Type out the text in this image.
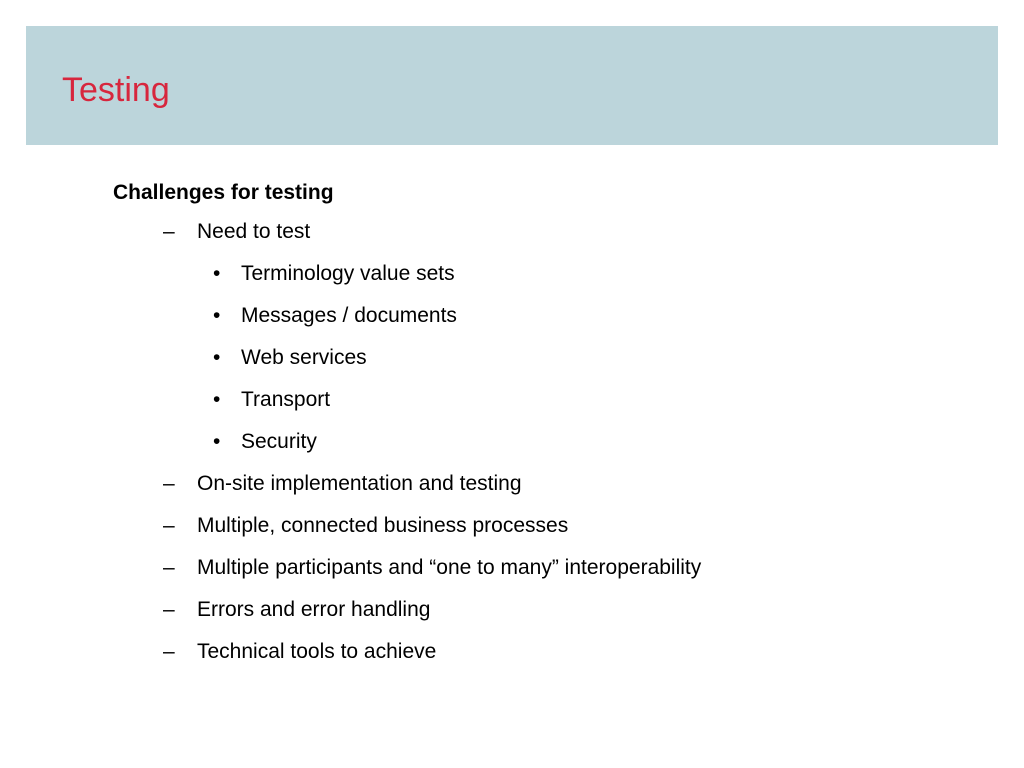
Testing
Challenges for testing
– Need to test
• Terminology value sets
• Messages / documents
• Web services
• Transport
• Security
– On-site implementation and testing
– Multiple, connected business processes
– Multiple participants and “one to many” interoperability
– Errors and error handling
– Technical tools to achieve
